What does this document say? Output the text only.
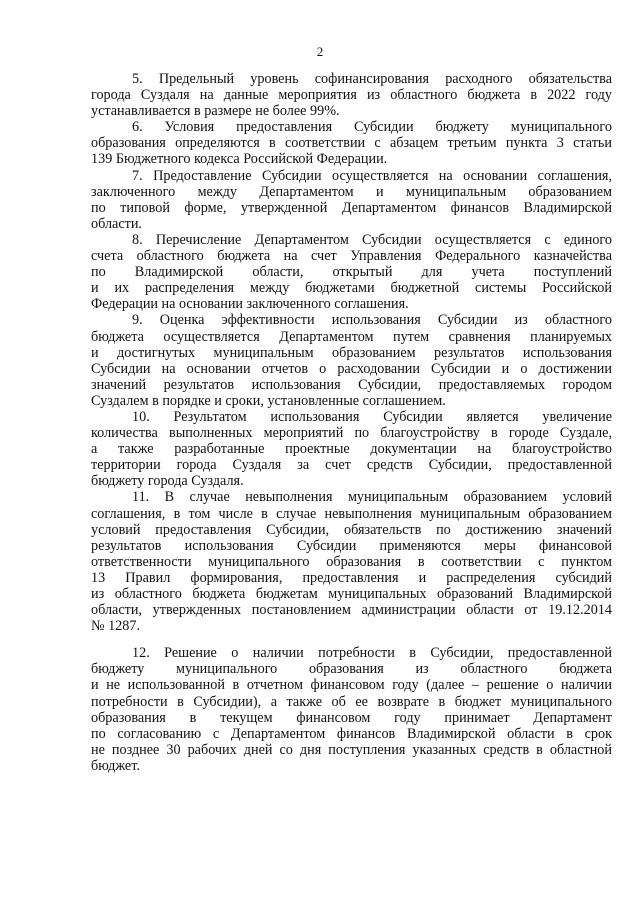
2

5. Предельный уровень софинансирования расходного обязательства
города Суздаля на данные мероприятия из областного бюджета в 2022 году
устанавливается в размере не более 99%.

6. Условия предоставления Субсидии бюджету муниципального
образования определяются в соответствии с абзацем третьим пункта 3 статьи
139 Бюджетного кодекса Российской Федерации.

7. Предоставление Субсидии осуществляется на основании соглашения,
заключенного между Департаментом и муниципальным образованием
по типовой форме, утвержденной Департаментом финансов Владимирской
области.

8. Перечисление Департаментом Субсидии осуществляется с единого
счета областного бюджета на счет Управления Федерального казначейства
по Владимирской области, открытый для учета поступлений
и их распределения между бюджетами бюджетной системы Российской
Федерации на основании заключенного соглашения.

9. Оценка эффективности использования Субсидии из областного
бюджета осуществляется Департаментом путем сравнения планируемых
и достигнутых муниципальным образованием результатов использования
Субсидии на основании отчетов о расходовании Субсидии и о достижении
значений результатов использования Субсидии, предоставляемых городом
Суздалем в порядке и сроки, установленные соглашением.

10. Результатом использования Субсидии является увеличение
количества выполненных мероприятий по благоустройству в городе Суздале,
а также разработанные проектные документации на благоустройство
территории города Суздаля за счет средств Субсидии, предоставленной
бюджету города Суздаля.

11. В случае невыполнения муниципальным образованием условий
соглашения, в том числе в случае невыполнения муниципальным образованием
условий предоставления Субсидии, обязательств по достижению значений
результатов использования Субсидии применяются меры финансовой
ответственности муниципального образования в соответствии с пунктом
13 Правил формирования, предоставления и распределения субсидий
из областного бюджета бюджетам муниципальных образований Владимирской
области, утвержденных постановлением администрации области от 19.12.2014
№ 1287.

12. Решение о наличии потребности в Субсидии, предоставленной
бюджету муниципального образования из областного бюджета
и не использованной в отчетном финансовом году (далее – решение о наличии
потребности в Субсидии), а также об ее возврате в бюджет муниципального
образования в текущем финансовом году принимает Департамент
по согласованию с Департаментом финансов Владимирской области в срок
не позднее 30 рабочих дней со дня поступления указанных средств в областной
бюджет.
